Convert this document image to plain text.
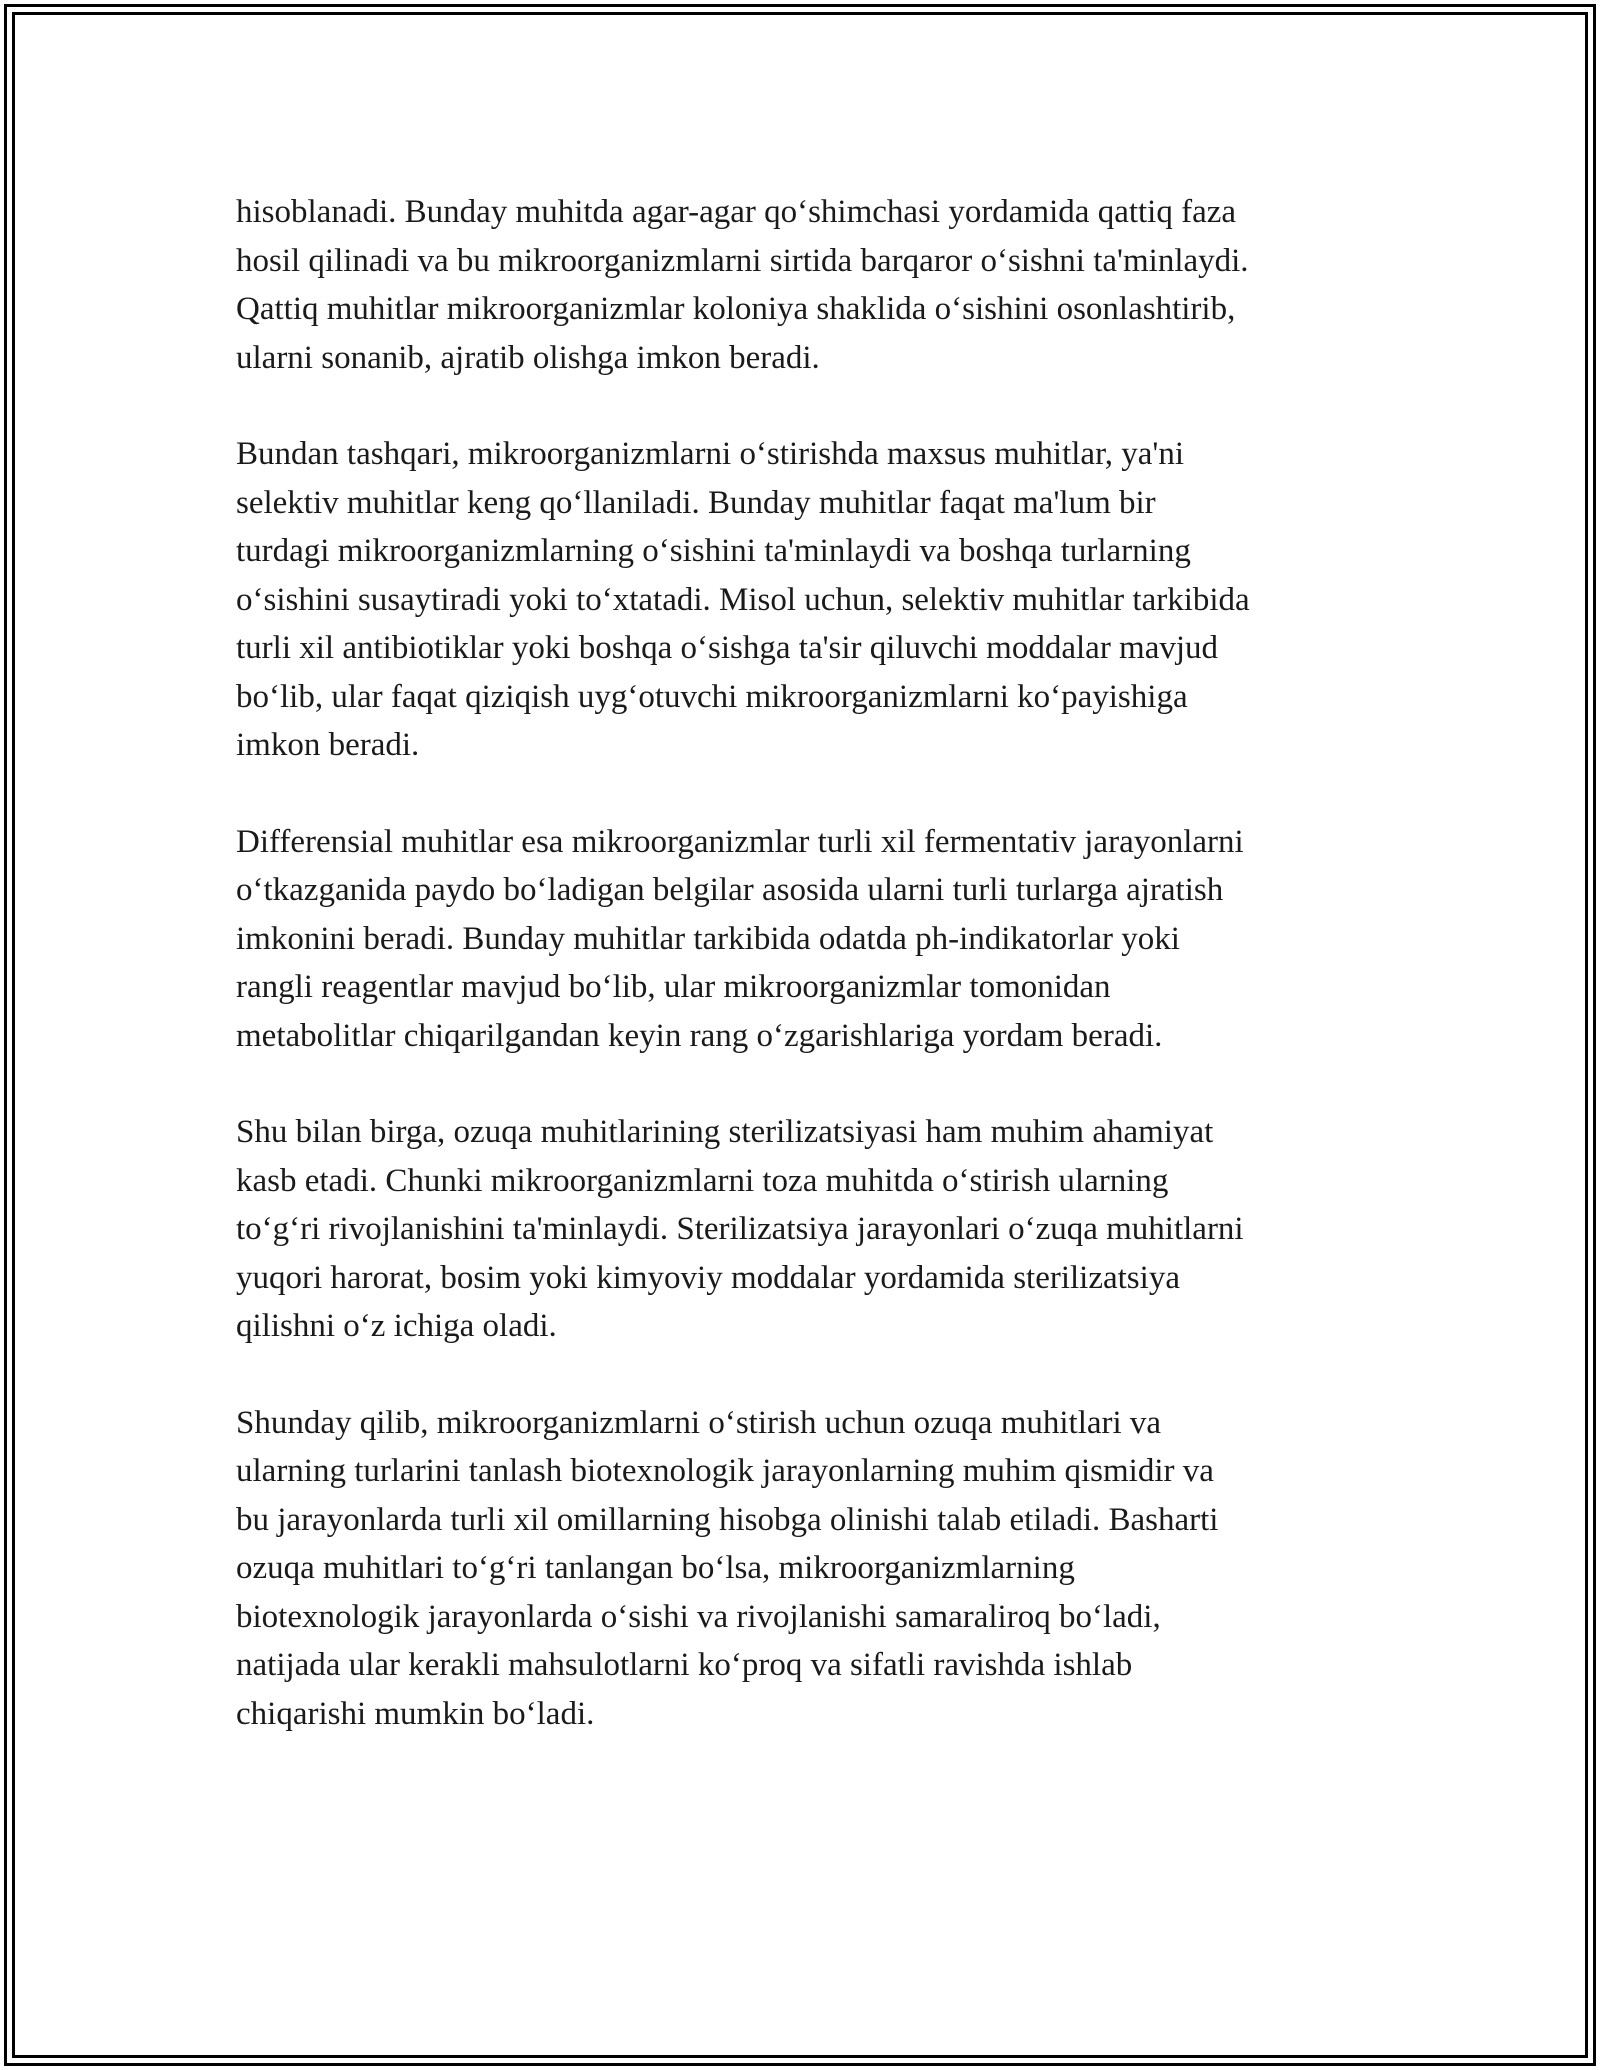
hisoblanadi. Bunday muhitda agar-agar qo‘shimchasi yordamida qattiq faza
hosil qilinadi va bu mikroorganizmlarni sirtida barqaror o‘sishni ta'minlaydi.
Qattiq muhitlar mikroorganizmlar koloniya shaklida o‘sishini osonlashtirib,
ularni sonanib, ajratib olishga imkon beradi.

Bundan tashqari, mikroorganizmlarni o‘stirishda maxsus muhitlar, ya'ni
selektiv muhitlar keng qo‘llaniladi. Bunday muhitlar faqat ma'lum bir
turdagi mikroorganizmlarning o‘sishini ta'minlaydi va boshqa turlarning
o‘sishini susaytiradi yoki to‘xtatadi. Misol uchun, selektiv muhitlar tarkibida
turli xil antibiotiklar yoki boshqa o‘sishga ta'sir qiluvchi moddalar mavjud
bo‘lib, ular faqat qiziqish uyg‘otuvchi mikroorganizmlarni ko‘payishiga
imkon beradi.

Differensial muhitlar esa mikroorganizmlar turli xil fermentativ jarayonlarni
o‘tkazganida paydo bo‘ladigan belgilar asosida ularni turli turlarga ajratish
imkonini beradi. Bunday muhitlar tarkibida odatda ph-indikatorlar yoki
rangli reagentlar mavjud bo‘lib, ular mikroorganizmlar tomonidan
metabolitlar chiqarilgandan keyin rang o‘zgarishlariga yordam beradi.

Shu bilan birga, ozuqa muhitlarining sterilizatsiyasi ham muhim ahamiyat
kasb etadi. Chunki mikroorganizmlarni toza muhitda o‘stirish ularning
to‘g‘ri rivojlanishini ta'minlaydi. Sterilizatsiya jarayonlari o‘zuqa muhitlarni
yuqori harorat, bosim yoki kimyoviy moddalar yordamida sterilizatsiya
qilishni o‘z ichiga oladi.

Shunday qilib, mikroorganizmlarni o‘stirish uchun ozuqa muhitlari va
ularning turlarini tanlash biotexnologik jarayonlarning muhim qismidir va
bu jarayonlarda turli xil omillarning hisobga olinishi talab etiladi. Basharti
ozuqa muhitlari to‘g‘ri tanlangan bo‘lsa, mikroorganizmlarning
biotexnologik jarayonlarda o‘sishi va rivojlanishi samaraliroq bo‘ladi,
natijada ular kerakli mahsulotlarni ko‘proq va sifatli ravishda ishlab
chiqarishi mumkin bo‘ladi.
